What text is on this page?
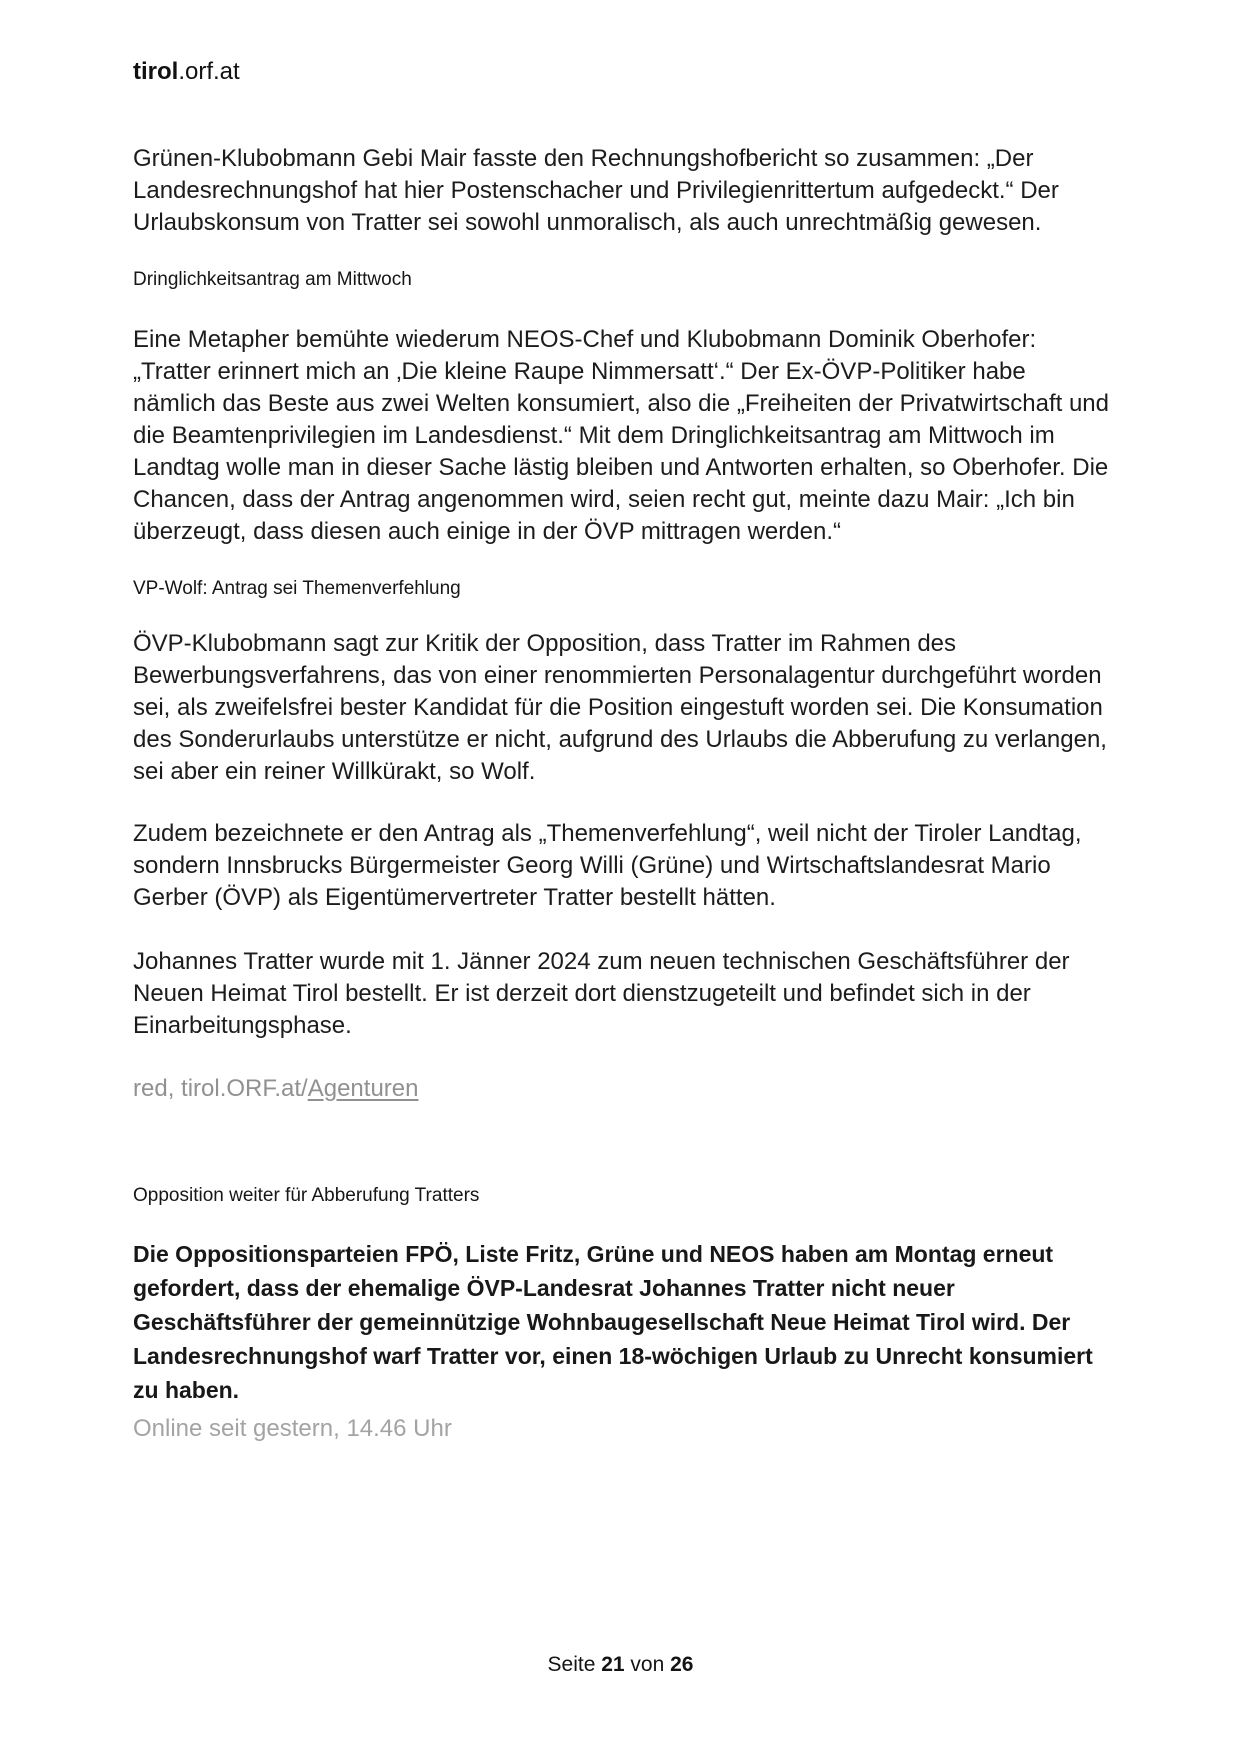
tirol.orf.at

Grünen-Klubobmann Gebi Mair fasste den Rechnungshofbericht so zusammen: „Der Landesrechnungshof hat hier Postenschacher und Privilegienrittertum aufgedeckt.“ Der Urlaubskonsum von Tratter sei sowohl unmoralisch, als auch unrechtmäßig gewesen.

Dringlichkeitsantrag am Mittwoch

Eine Metapher bemühte wiederum NEOS-Chef und Klubobmann Dominik Oberhofer: „Tratter erinnert mich an ‚Die kleine Raupe Nimmersatt‘.“ Der Ex-ÖVP-Politiker habe nämlich das Beste aus zwei Welten konsumiert, also die „Freiheiten der Privatwirtschaft und die Beamtenprivilegien im Landesdienst.“ Mit dem Dringlichkeitsantrag am Mittwoch im Landtag wolle man in dieser Sache lästig bleiben und Antworten erhalten, so Oberhofer. Die Chancen, dass der Antrag angenommen wird, seien recht gut, meinte dazu Mair: „Ich bin überzeugt, dass diesen auch einige in der ÖVP mittragen werden.“

VP-Wolf: Antrag sei Themenverfehlung

ÖVP-Klubobmann sagt zur Kritik der Opposition, dass Tratter im Rahmen des Bewerbungsverfahrens, das von einer renommierten Personalagentur durchgeführt worden sei, als zweifelsfrei bester Kandidat für die Position eingestuft worden sei. Die Konsumation des Sonderurlaubs unterstütze er nicht, aufgrund des Urlaubs die Abberufung zu verlangen, sei aber ein reiner Willkürakt, so Wolf.

Zudem bezeichnete er den Antrag als „Themenverfehlung“, weil nicht der Tiroler Landtag, sondern Innsbrucks Bürgermeister Georg Willi (Grüne) und Wirtschaftslandesrat Mario Gerber (ÖVP) als Eigentümervertreter Tratter bestellt hätten.

Johannes Tratter wurde mit 1. Jänner 2024 zum neuen technischen Geschäftsführer der Neuen Heimat Tirol bestellt. Er ist derzeit dort dienstzugeteilt und befindet sich in der Einarbeitungsphase.

red, tirol.ORF.at/Agenturen

Opposition weiter für Abberufung Tratters

Die Oppositionsparteien FPÖ, Liste Fritz, Grüne und NEOS haben am Montag erneut gefordert, dass der ehemalige ÖVP-Landesrat Johannes Tratter nicht neuer Geschäftsführer der gemeinnützige Wohnbaugesellschaft Neue Heimat Tirol wird. Der Landesrechnungshof warf Tratter vor, einen 18-wöchigen Urlaub zu Unrecht konsumiert zu haben.

Online seit gestern, 14.46 Uhr

Seite 21 von 26
